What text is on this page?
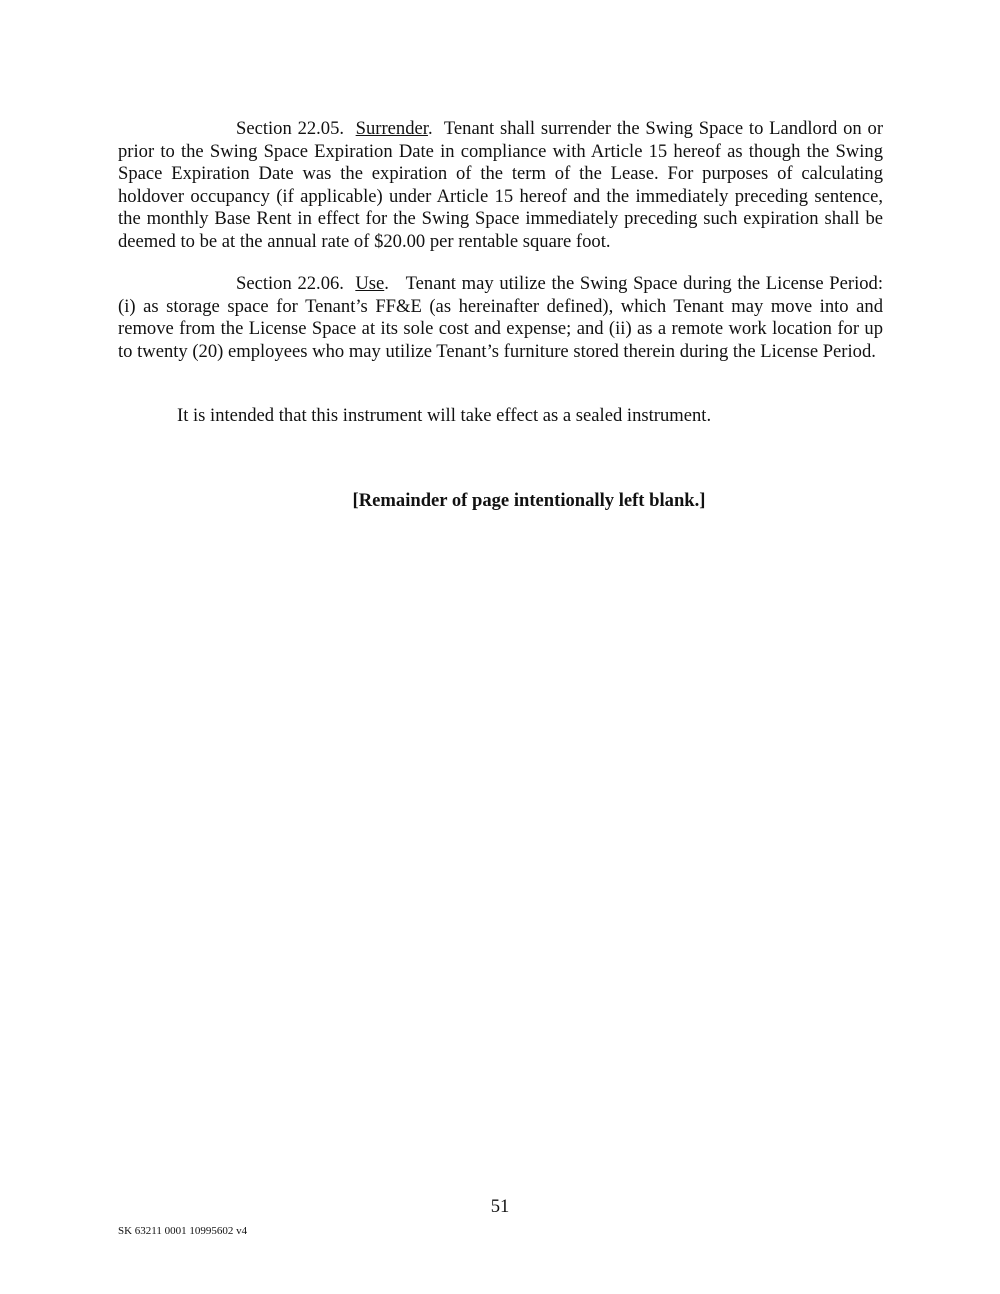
Section 22.05. Surrender.  Tenant shall surrender the Swing Space to Landlord on or prior to the Swing Space Expiration Date in compliance with Article 15 hereof as though the Swing Space Expiration Date was the expiration of the term of the Lease. For purposes of calculating holdover occupancy (if applicable) under Article 15 hereof and the immediately preceding sentence, the monthly Base Rent in effect for the Swing Space immediately preceding such expiration shall be deemed to be at the annual rate of $20.00 per rentable square foot.

Section 22.06. Use.   Tenant may utilize the Swing Space during the License Period: (i) as storage space for Tenant’s FF&E (as hereinafter defined), which Tenant may move into and remove from the License Space at its sole cost and expense; and (ii) as a remote work location for up to twenty (20) employees who may utilize Tenant’s furniture stored therein during the License Period.

It is intended that this instrument will take effect as a sealed instrument.

[Remainder of page intentionally left blank.]

51

SK 63211 0001 10995602 v4
